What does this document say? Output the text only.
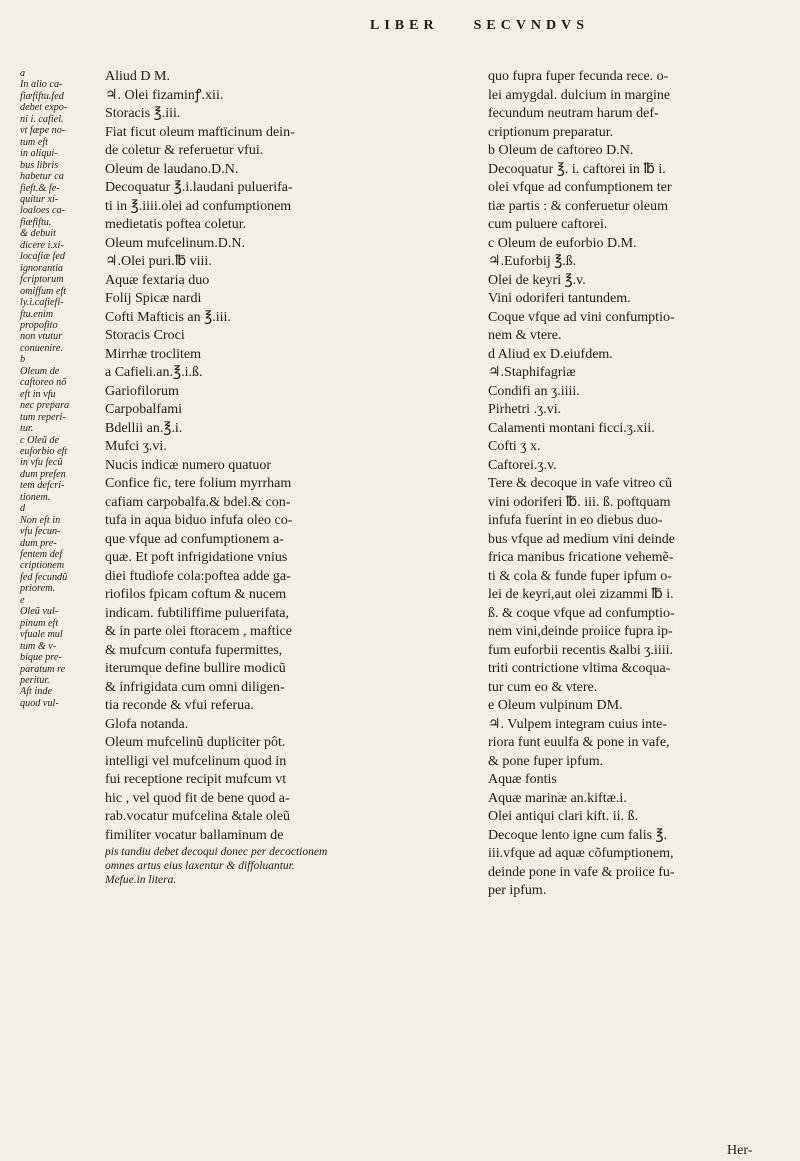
LIBER	SECVNDVS
a
In alio ca-
fiæfiftu.fed
debet expo-
ni i. cafiel.
vt fæpe no-
tum eft
in aliqui-
bus libris
habetur ca
fieft.& fe-
quitur xi-
loaloes ca-
fiæfiftu.
& debuit
dicere i.xi-
locafiæ fed
ignorantia
fcriptorum
omiffum eft
ly.i.cafiefi-
ftu.enim
propofito
non vtutur
conuenire.
b
Oleum de
caftoreo nõ
eft in vfu
nec prepara
tum reperi-
tur.
c Oleũ de
euforbio eft
in vfu fecũ
dum prefen
tem defcri-
tionem.
d
Non eft in
vfu fecun-
dum pre-
fentem def
criptionem
fed fecundũ
priorem.
e
Oleũ vul-
pinum eft
vfuale mul
tum & v-
bique pre-
paratum re
peritur.
Aft inde
quod vul-
Aliud D M.
♃. Olei fizaminꝭ.xii.
Storacis ℥.iii.
Fiat ficut oleum maftïcinum dein-
de coletur & referuetur vfui.
Oleum de laudano.D.N.
Decoquatur ℥.i.laudani puluerifa-
ti in ℥.iiii.olei ad confumptionem
medietatis poftea coletur.
Oleum mufcelinum.D.N.
♃.Olei puri.℔ viii.
Aquæ fextaria duo
Folij Spicæ nardi
Cofti Mafticis an ℥.iii.
Storacis Croci
Mirrhæ troclitem
a Cafieli.an.℥.i.ß.
Gariofilorum
Carpobalfami
Bdellii an.℥.i.
Mufci ʒ.vi.
Nucis indicæ numero quatuor
Confice fic, tere folium myrrham
cafiam carpobalfa.& bdel.& con-
tufa in aqua biduo infufa oleo co-
que vfque ad confumptionem a-
quæ. Et poft infrigidatione vnius
diei ftudiofe cola:poftea adde ga-
riofilos fpicam coftum & nucem
indicam. fubtiliffime puluerifata,
& in parte olei ftoracem , maftice
& mufcum contufa fupermittes,
iterumque define bullire modicũ
& infrigidata cum omni diligen-
tia reconde & vfui referua.
Glofa notanda.
Oleum mufcelinũ dupliciter pôt.
intelligi vel mufcelinum quod in
fui receptione recipit mufcum vt
hic , vel quod fit de bene quod a-
rab.vocatur mufcelina &tale oleũ
fimiliter vocatur ballaminum de
pis tandiu debet decoqui donec per decoctionem
omnes artus eius laxentur & diffoluantur.
Mefue.in litera.
quo fupra fuper fecunda rece. o-
lei amygdal. dulcium in margine
fecundum neutram harum def-
criptionum preparatur.
b Oleum de caftoreo D.N.
Decoquatur ℥. i. caftorei in ℔ i.
olei vfque ad confumptionem ter
tiæ partis : & conferuetur oleum
cum puluere caftorei.
c Oleum de euforbio D.M.
♃.Euforbij ℥.ß.
Olei de keyri ℥.v.
Vini odoriferi tantundem.
Coque vfque ad vini confumptio-
nem & vtere.
d Aliud ex D.eiufdem.
♃.Staphifagriæ
Condifi an ʒ.iiii.
Pirhetri .ʒ.vi.
Calamenti montani ficci.ʒ.xii.
Cofti ʒ x.
Caftorei.ʒ.v.
Tere & decoque in vafe vitreo cũ
vini odoriferi ℔. iii. ß. poftquam
infufa fuerint in eo diebus duo-
bus vfque ad medium vini deinde
frica manibus fricatione vehemẽ-
ti & cola & funde fuper ipfum o-
lei de keyri,aut olei zizammi ℔ i.
ß. & coque vfque ad confumptio-
nem vini,deinde proiice fupra ip-
fum euforbii recentis &albi ʒ.iiii.
triti contrictione vltima &coqua-
tur cum eo & vtere.
e Oleum vulpinum DM.
♃. Vulpem integram cuius inte-
riora funt euulfa & pone in vafe,
& pone fuper ipfum.
Aquæ fontis
Aquæ marinæ an.kiftæ.i.
Olei antiqui clari kift. ii. ß.
Decoque lento igne cum falis ℥.
iii.vfque ad aquæ cõfumptionem,
deinde pone in vafe & proiice fu-
per ipfum.
Her-
